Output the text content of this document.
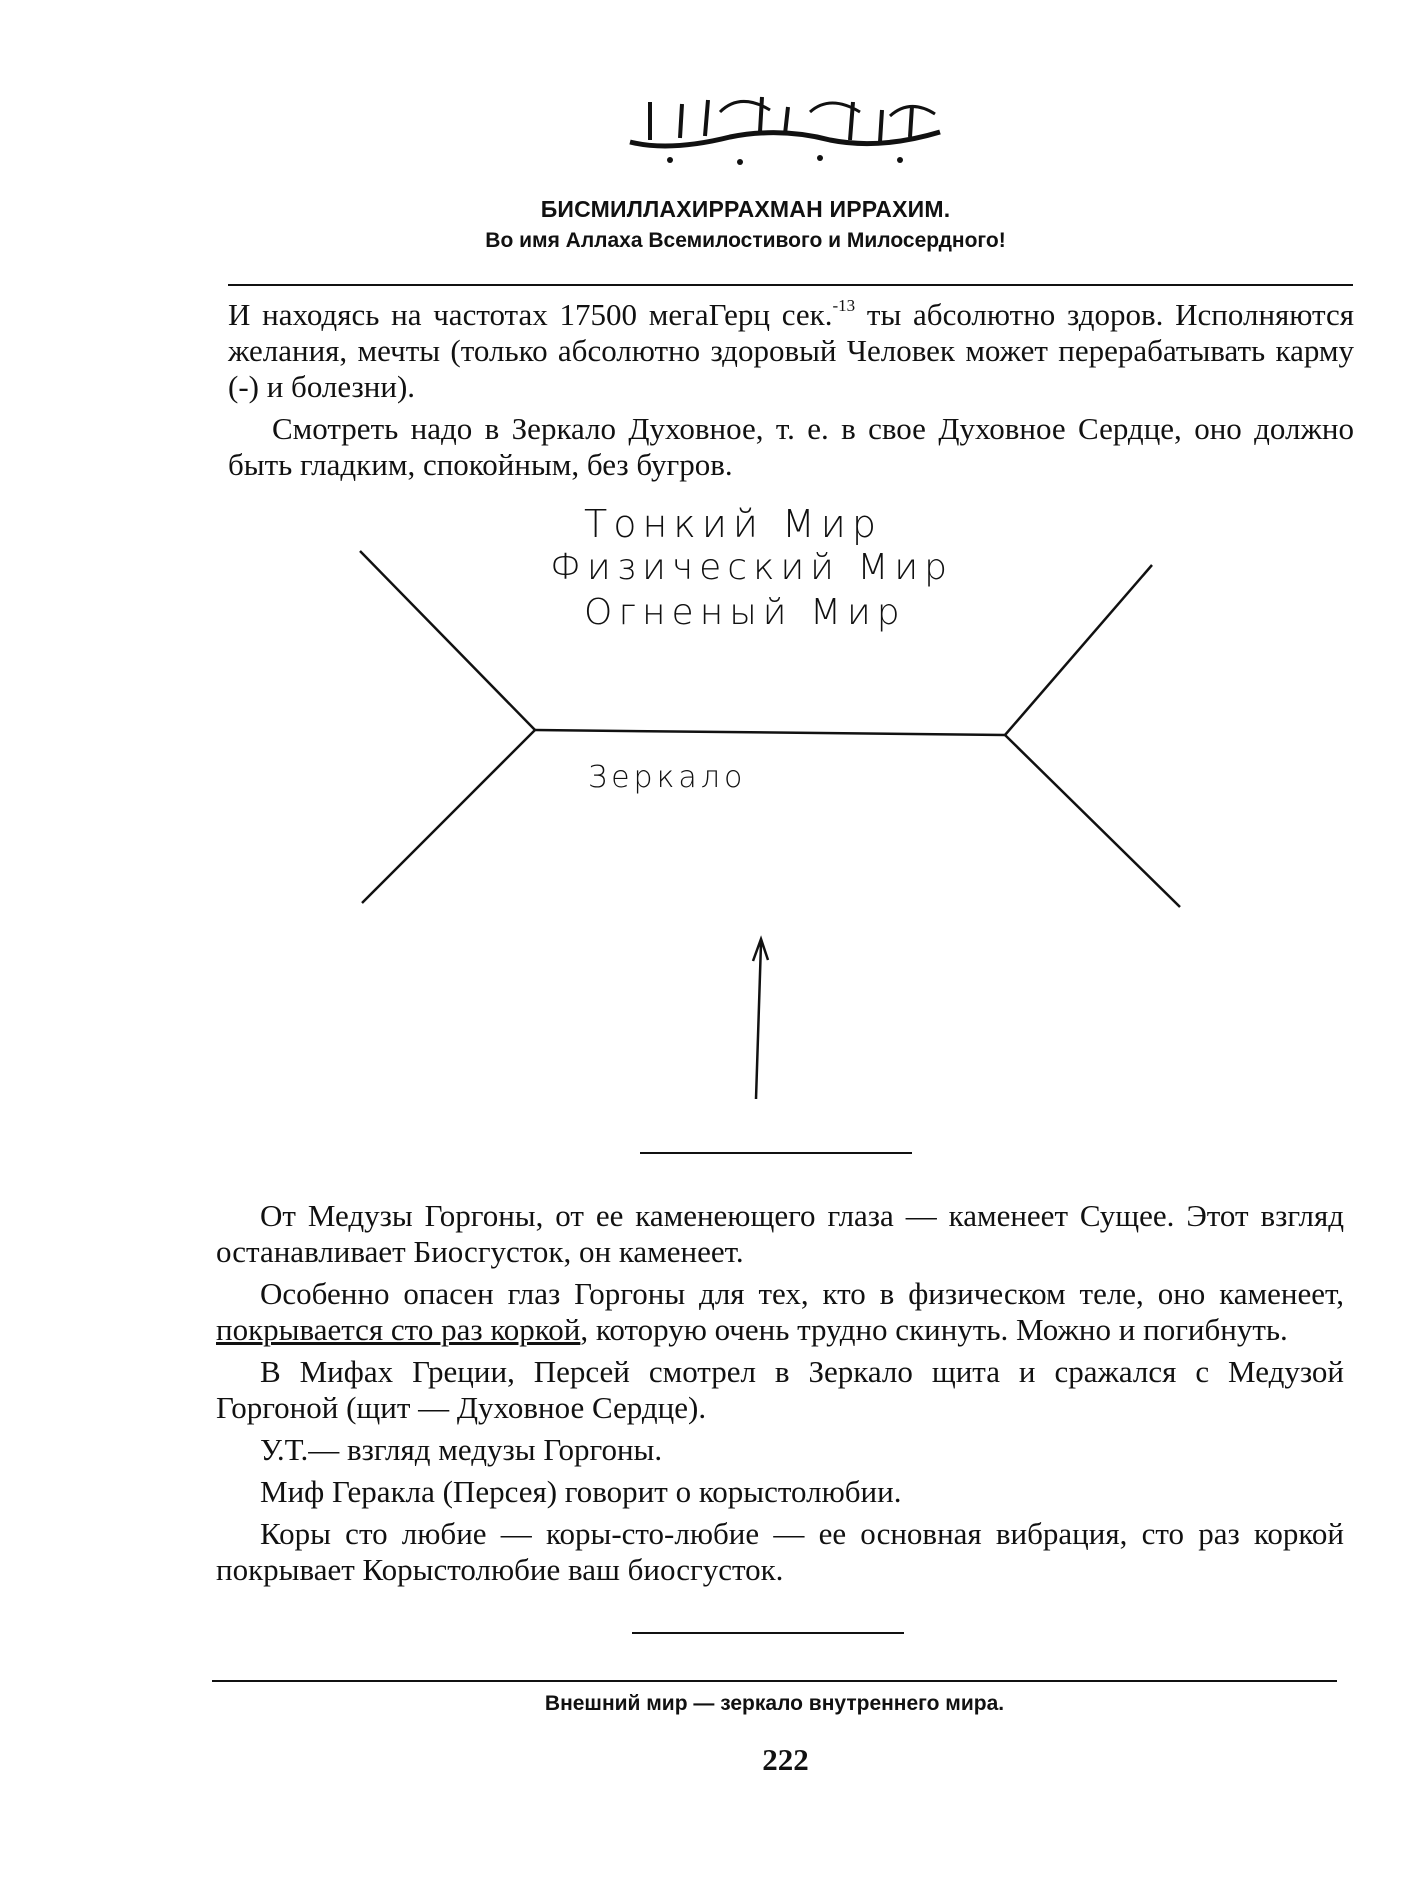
БИСМИЛЛАХИРРАХМАН ИРРАХИМ.
Во имя Аллаха Всемилостивого и Милосердного!

И находясь на частотах 17500 мегаГерц сек.$^{-13}$ ты абсолютно здоров. Исполняются желания, мечты (только абсолютно здоровый Человек может перерабатывать карму (-) и болезни).

Смотреть надо в Зеркало Духовное, т. е. в свое Духовное Сердце, оно должно быть гладким, спокойным, без бугров.

Тонкий Мир
Физический Мир
Огненый Мир
Зеркало

От Медузы Горгоны, от ее каменеющего глаза — каменеет Сущее. Этот взгляд останавливает Биосгусток, он каменеет.

Особенно опасен глаз Горгоны для тех, кто в физическом теле, оно каменеет, покрывается сто раз коркой, которую очень трудно скинуть. Можно и погибнуть.

В Мифах Греции, Персей смотрел в Зеркало щита и сражался с Медузой Горгоной (щит — Духовное Сердце).

У.Т.— взгляд медузы Горгоны.

Миф Геракла (Персея) говорит о корыстолюбии.

Коры сто любие — коры-сто-любие — ее основная вибрация, сто раз коркой покрывает Корыстолюбие ваш биосгусток.

Внешний мир — зеркало внутреннего мира.
222
